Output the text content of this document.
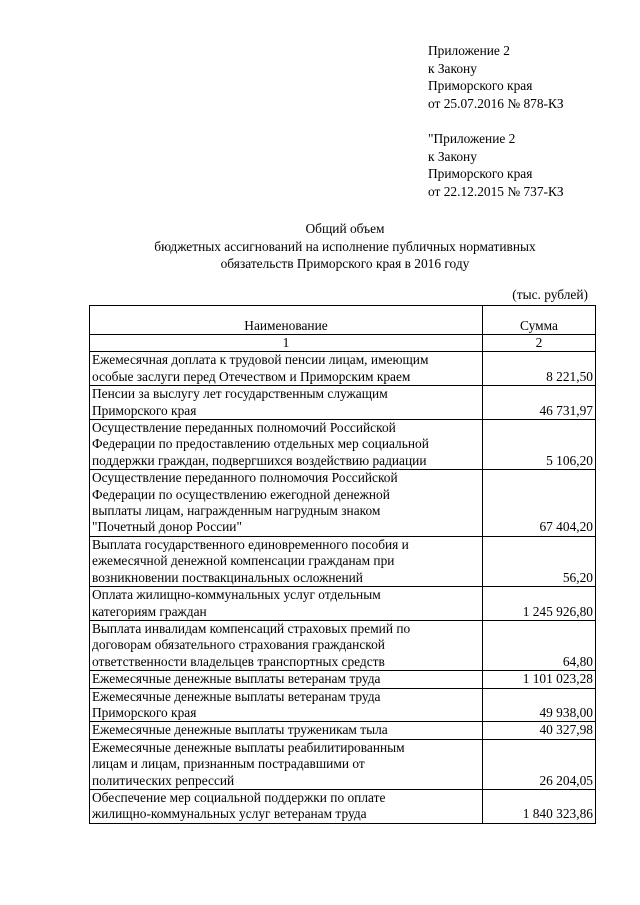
Приложение 2
к Закону
Приморского края
от 25.07.2016 № 878-КЗ
"Приложение 2
к Закону
Приморского края
от 22.12.2015 № 737-КЗ
Общий объем
бюджетных ассигнований на исполнение публичных нормативных
обязательств Приморского края в 2016 году
(тыс. рублей)
Наименование	Сумма
1	2

Ежемесячная доплата к трудовой пенсии лицам, имеющим
особые заслуги перед Отечеством и Приморским краем	8 221,50

Пенсии за выслугу лет государственным служащим
Приморского края	46 731,97

Осуществление переданных полномочий Российской
Федерации по предоставлению отдельных мер социальной
поддержки граждан, подвергшихся воздействию радиации	5 106,20

Осуществление переданного полномочия Российской
Федерации по осуществлению ежегодной денежной
выплаты лицам, награжденным нагрудным знаком
"Почетный донор России"	67 404,20

Выплата государственного единовременного пособия и
ежемесячной денежной компенсации гражданам при
возникновении поствакцинальных осложнений	56,20

Оплата жилищно-коммунальных услуг отдельным
категориям граждан	1 245 926,80

Выплата инвалидам компенсаций страховых премий по
договорам обязательного страхования гражданской
ответственности владельцев транспортных средств	64,80

Ежемесячные денежные выплаты ветеранам труда	1 101 023,28

Ежемесячные денежные выплаты ветеранам труда
Приморского края	49 938,00

Ежемесячные денежные выплаты труженикам тыла	40 327,98

Ежемесячные денежные выплаты реабилитированным
лицам и лицам, признанным пострадавшими от
политических репрессий	26 204,05

Обеспечение мер социальной поддержки по оплате
жилищно-коммунальных услуг ветеранам труда	1 840 323,86
